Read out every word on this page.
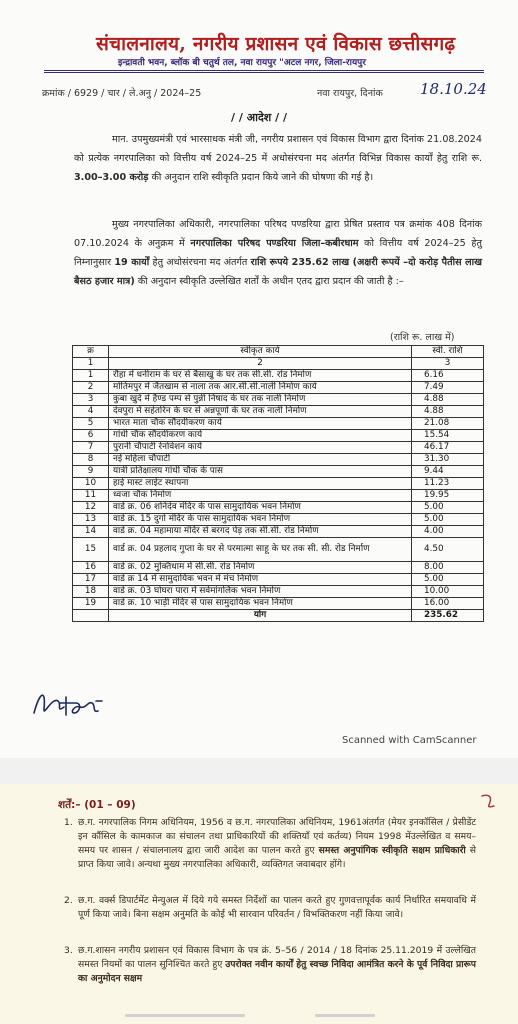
संचालनालय, नगरीय प्रशासन एवं विकास छत्तीसगढ़
इन्द्रावती भवन, ब्लॉक बी चतुर्थ तल, नवा रायपुर "अटल नगर, जिला-रायपुर
क्रमांक / 6929 / चार / ले.अनु / 2024–25	नवा रायपुर, दिनांक 18.10.24
/ / आदेश / /
मान. उपमुख्यमंत्री एवं भारसाधक मंत्री जी, नगरीय प्रशासन एवं विकास विभाग द्वारा दिनांक 21.08.2024 को प्रत्येक नगरपालिका को वित्तीय वर्ष 2024–25 में अधोसंरचना मद अंतर्गत विभिन्न विकास कार्यों हेतु राशि रू. 3.00–3.00 करोड़ की अनुदान राशि स्वीकृति प्रदान किये जाने की घोषणा की गई है।
मुख्य नगरपालिका अधिकारी, नगरपालिका परिषद पण्डरिया द्वारा प्रेषित प्रस्ताव पत्र क्रमांक 408 दिनांक 07.10.2024 के अनुक्रम में नगरपालिका परिषद पण्डरिया जिला–कबीरधाम को वित्तीय वर्ष 2024–25 हेतु निम्नानुसार 19 कार्यों हेतु अधोसंरचना मद अंतर्गत राशि रूपये 235.62 लाख (अक्षरी रूपयें –दो करोड़ पैतीस लाख बैसठ हजार मात्र) की अनुदान स्वीकृति उल्लेखित शर्तों के अधीन एतद द्वारा प्रदान की जाती है :–
(राशि रू. लाख में)
क्र	स्वीकृत कार्य	स्वी. राशि
1	2	3
1	रौहा में धनीराम के घर से बैसाखु के घर तक सी.सी. रोड निर्माण	6.16
2	मोतिमपुर में जैतखाम से नाला तक आर.सी.सी.नाली निर्माण कार्य	7.49
3	कुबा खुर्द में हैण्ड पम्प से पुन्नी निषाद के घर तक नाली निर्माण	4.88
4	देवपुरा में सहेतरिन के घर से अन्नपूर्णा के घर तक नाली निर्माण	4.88
5	भारत माता चौक सौंदर्यीकरण कार्य	21.08
6	गांधी चौक सौंदर्यीकरण कार्य	15.54
7	पुरानी चौपाटी रेनोवेशन कार्य	46.17
8	नई महिला चौपाटी	31.30
9	यात्री प्रतिक्षालय गांधी चौक के पास	9.44
10	हाई मास्ट लाईट स्थापना	11.23
11	ध्वजा चौक निर्माण	19.95
12	वार्ड क्र. 06 शनिदेव मंदिर के पास सामुदायिक भवन निर्माण	5.00
13	वार्ड क्र. 15 दुर्गा मंदिर के पास सामुदायिक भवन निर्माण	5.00
14	वार्ड क्र. 04 महामाया मंदिर से बरगद पेड़ तक सी.सी. रोड निर्माण	4.00
15	वार्ड क्र. 04 प्रहलाद गुप्ता के घर से परमात्मा साहू के घर तक सी. सी. रोड निर्माण	4.50
16	वार्ड क्र. 02 मुक्तिधाम में सी.सी. रोड निर्माण	8.00
17	वार्ड क्र 14 में सामुदायिक भवन में मंच निर्माण	5.00
18	वार्ड क्र. 03 घोघरा पारा में सर्वमांगलिक भवन निर्माण	10.00
19	वार्ड क्र. 10 भाड़ी मंदिर से पास सामुदायिक भवन निर्माण	16.00
	योग	235.62
Scanned with CamScanner
शर्तें:– (01 – 09)
1. छ.ग. नगरपालिक निगम अधिनियम, 1956 व छ.ग. नगरपालिका अधिनियम, 1961अंतर्गत (मेयर इनकॉसिल / प्रेसीडेंट इन कौंसिल के कामकाज का संचालन तथा प्राधिकारियों की शक्तियाँ एवं कर्तव्य) नियम 1998 मेंउल्लेखित व समय–समय पर शासन / संचालनालय द्वारा जारी आदेश का पालन करते हुए समस्त अनुपांगिक स्वीकृति सक्षम प्राधिकारी से प्राप्त किया जावे। अन्यथा मुख्य नगरपालिका अधिकारी, व्यक्तिगत जवाबदार होंगे।
2. छ.ग. वर्क्स डिपार्टमेंट मेन्युअल में दिये गये समस्त निर्देशों का पालन करते हुए गुणवत्तापूर्वक कार्य निर्धारित समयावधि में पूर्ण किया जावे। बिना सक्षम अनुमति के कोई भी सारवान परिवर्तन / विभक्तिकरण नहीं किया जावे।
3. छ.ग.शासन नगरीय प्रशासन एवं विकास विभाग के पत्र क्रं. 5–56 / 2014 / 18 दिनांक 25.11.2019 में उल्लेखित समस्त नियमों का पालन सुनिश्चित करते हुए उपरोक्त नवीन कार्यों हेतु स्वच्छ निविदा आमंत्रित करने के पूर्व निविदा प्रारूप का अनुमोदन सक्षम
